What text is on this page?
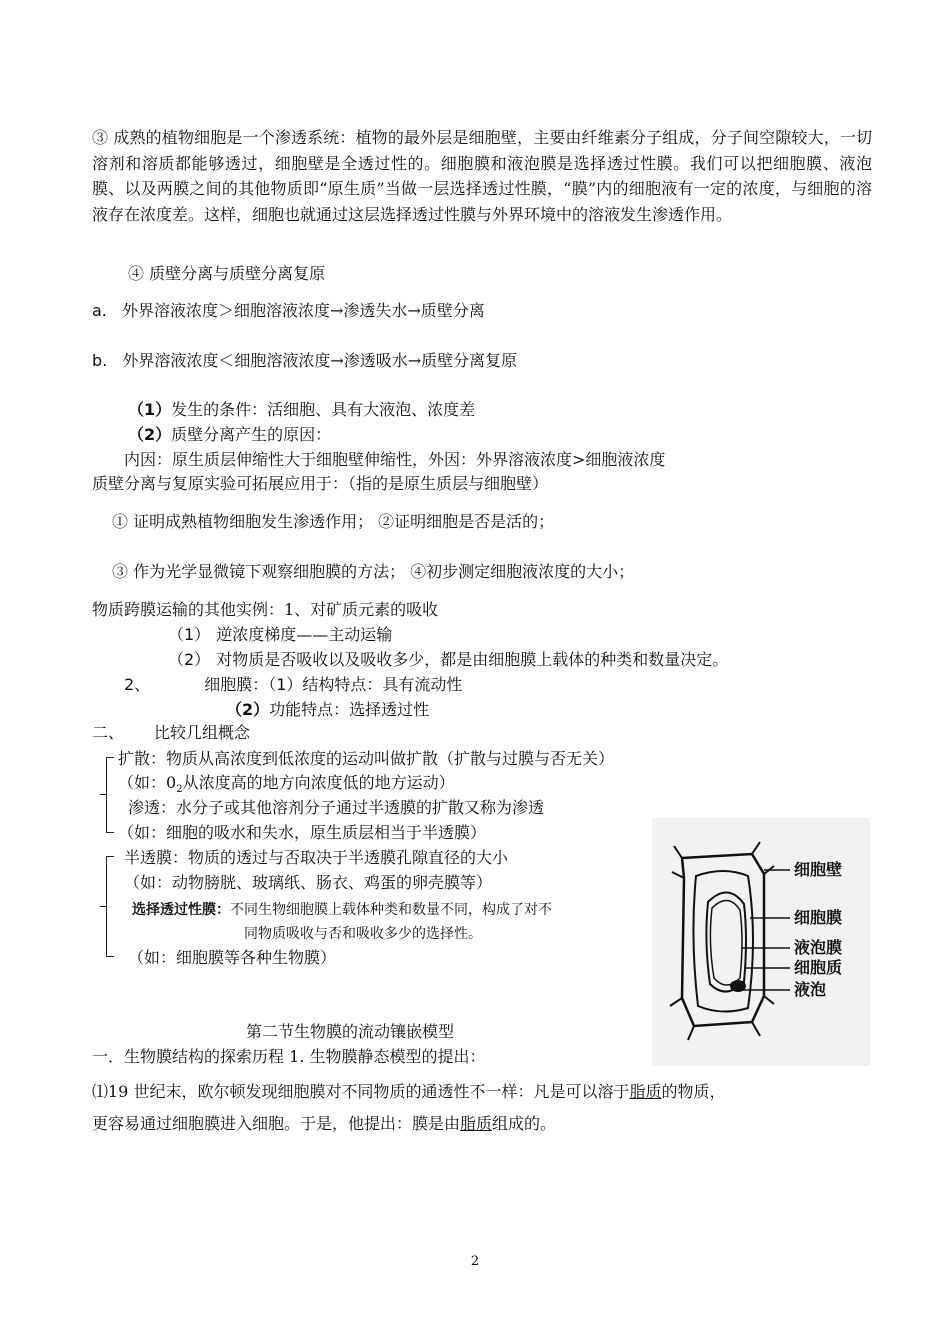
③ 成熟的植物细胞是一个渗透系统：植物的最外层是细胞壁，主要由纤维素分子组成，分子间空隙较大，一切溶剂和溶质都能够透过，细胞壁是全透过性的。细胞膜和液泡膜是选择透过性膜。我们可以把细胞膜、液泡膜、以及两膜之间的其他物质即“原生质”当做一层选择透过性膜，“膜”内的细胞液有一定的浓度，与细胞的溶液存在浓度差。这样，细胞也就通过这层选择透过性膜与外界环境中的溶液发生渗透作用。
④ 质壁分离与质壁分离复原
a. 外界溶液浓度＞细胞溶液浓度→渗透失水→质壁分离
b. 外界溶液浓度＜细胞溶液浓度→渗透吸水→质壁分离复原
（1）发生的条件：活细胞、具有大液泡、浓度差
（2）质壁分离产生的原因：
内因：原生质层伸缩性大于细胞壁伸缩性，外因：外界溶液浓度>细胞液浓度
质壁分离与复原实验可拓展应用于：（指的是原生质层与细胞壁）
① 证明成熟植物细胞发生渗透作用； ②证明细胞是否是活的；
③ 作为光学显微镜下观察细胞膜的方法； ④初步测定细胞液浓度的大小；
物质跨膜运输的其他实例：1、对矿质元素的吸收
（1） 逆浓度梯度——主动运输
（2） 对物质是否吸收以及吸收多少，都是由细胞膜上载体的种类和数量决定。
2、	细胞膜：（1）结构特点：具有流动性
（2）功能特点：选择透过性
二、 比较几组概念
扩散：物质从高浓度到低浓度的运动叫做扩散（扩散与过膜与否无关）
（如：$0_2$从浓度高的地方向浓度低的地方运动）
渗透：水分子或其他溶剂分子通过半透膜的扩散又称为渗透
（如：细胞的吸水和失水，原生质层相当于半透膜）
半透膜：物质的透过与否取决于半透膜孔隙直径的大小
（如：动物膀胱、玻璃纸、肠衣、鸡蛋的卵壳膜等）
选择透过性膜：不同生物细胞膜上载体种类和数量不同，构成了对不
同物质吸收与否和吸收多少的选择性。
（如：细胞膜等各种生物膜）
细胞壁
细胞膜
液泡膜
细胞质
液泡
第二节生物膜的流动镶嵌模型
一．生物膜结构的探索历程 1. 生物膜静态模型的提出：
⑴19 世纪末，欧尔顿发现细胞膜对不同物质的通透性不一样：凡是可以溶于脂质的物质，
更容易通过细胞膜进入细胞。于是，他提出：膜是由脂质组成的。
2
